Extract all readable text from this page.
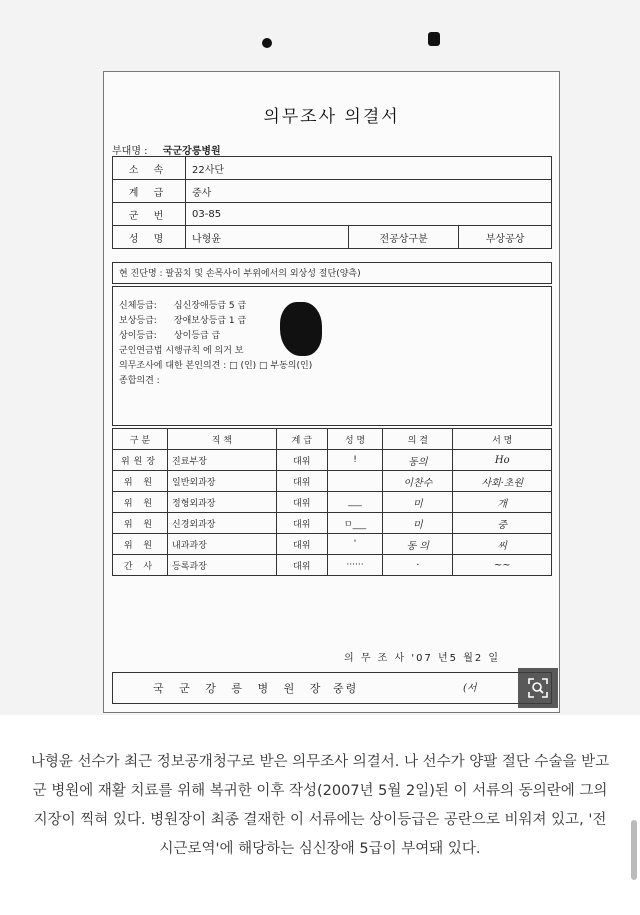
의무조사 의결서
부대명 : 국군강릉병원
소 속	22사단		
계 급	중사		
군 번	03-85		
성 명	나형윤	전공상구분	부상공상
현 진단명 : 팔꿈치 및 손목사이 부위에서의 외상성 절단(양측)
신체등급: 심신장애등급 5 급
보상등급: 장애보상등급 1 급
상이등급: 상이등급 급
군인연금법 시행규칙 에 의거 보
의무조사에 대한 본인의견 : □ (인) □ 부동의(인)
종합의견 :
구 분	직 책	계 급	성 명	의 결	서 명
위원장	진료부장	대위	!	동의	Ho
위 원	일반외과장	대위		이찬수	사회·초원
위 원	정형외과장	대위	___	미	개
위 원	신경외과장	대위	ㅁ___	미	중
위 원	내과과장	대위	'	동 의	씨
간 사	등록과장	대위	······	·	~~
의 무 조 사 '07 년5 월2 일
국 군 강 릉 병 원 장 중령	(서
나형윤 선수가 최근 정보공개청구로 받은 의무조사 의결서. 나 선수가 양팔 절단 수술을 받고 군 병원에 재활 치료를 위해 복귀한 이후 작성(2007년 5월 2일)된 이 서류의 동의란에 그의 지장이 찍혀 있다. 병원장이 최종 결재한 이 서류에는 상이등급은 공란으로 비워져 있고, '전시근로역'에 해당하는 심신장애 5급이 부여돼 있다.
